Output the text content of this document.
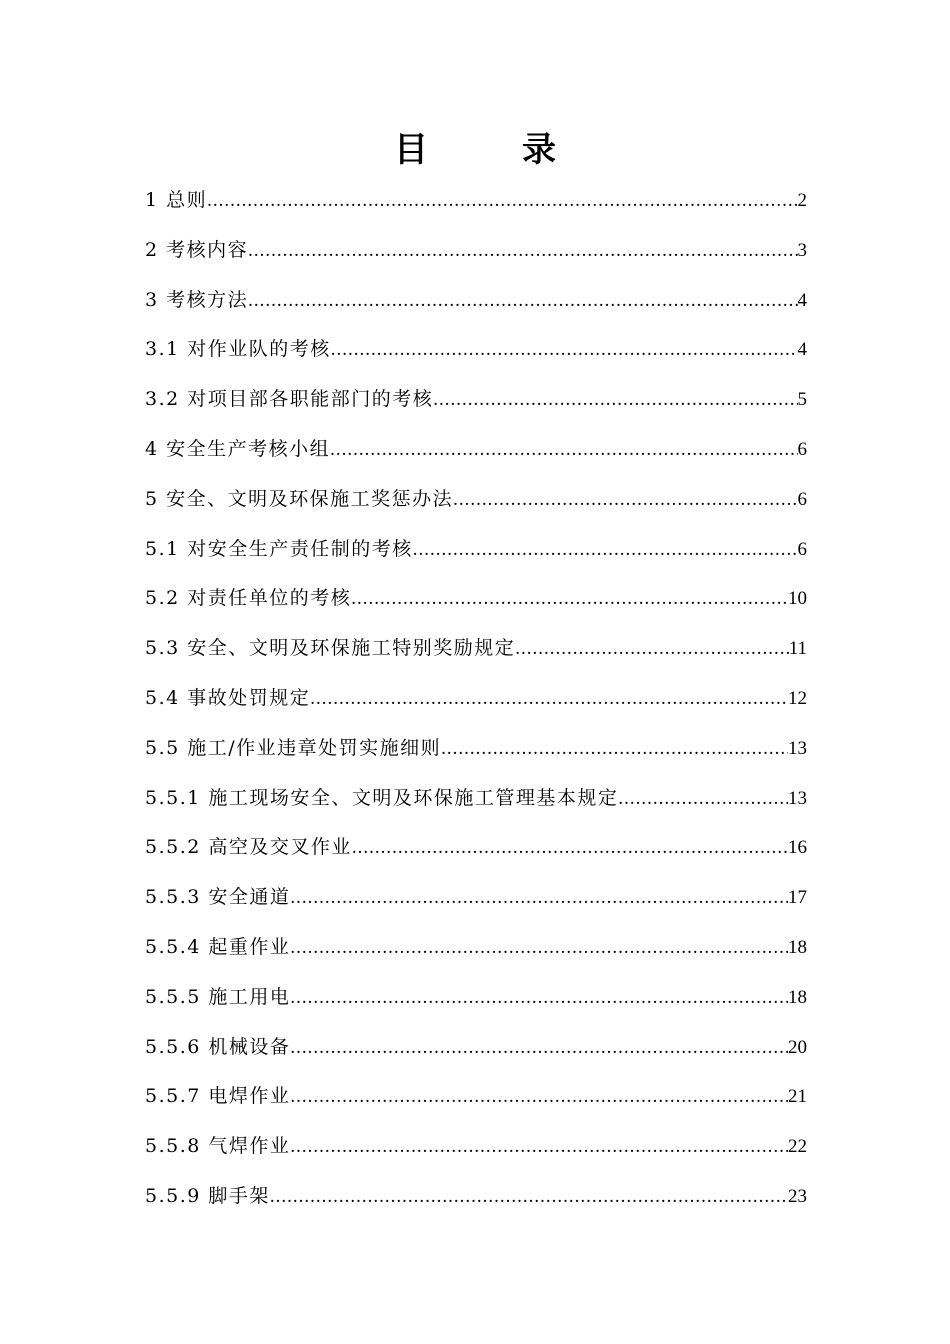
目　录
1 总则 .....	2
2 考核内容 .....	3
3 考核方法 .....	4
3.1 对作业队的考核 .....	4
3.2 对项目部各职能部门的考核 .....	5
4 安全生产考核小组 .....	6
5 安全、文明及环保施工奖惩办法 .....	6
5.1 对安全生产责任制的考核 .....	6
5.2 对责任单位的考核 .....	10
5.3 安全、文明及环保施工特别奖励规定 .....	11
5.4 事故处罚规定 .....	12
5.5 施工/作业违章处罚实施细则 .....	13
5.5.1 施工现场安全、文明及环保施工管理基本规定 .....	13
5.5.2 高空及交叉作业 .....	16
5.5.3 安全通道 .....	17
5.5.4 起重作业 .....	18
5.5.5 施工用电 .....	18
5.5.6 机械设备 .....	20
5.5.7 电焊作业 .....	21
5.5.8 气焊作业 .....	22
5.5.9 脚手架 .....	23
